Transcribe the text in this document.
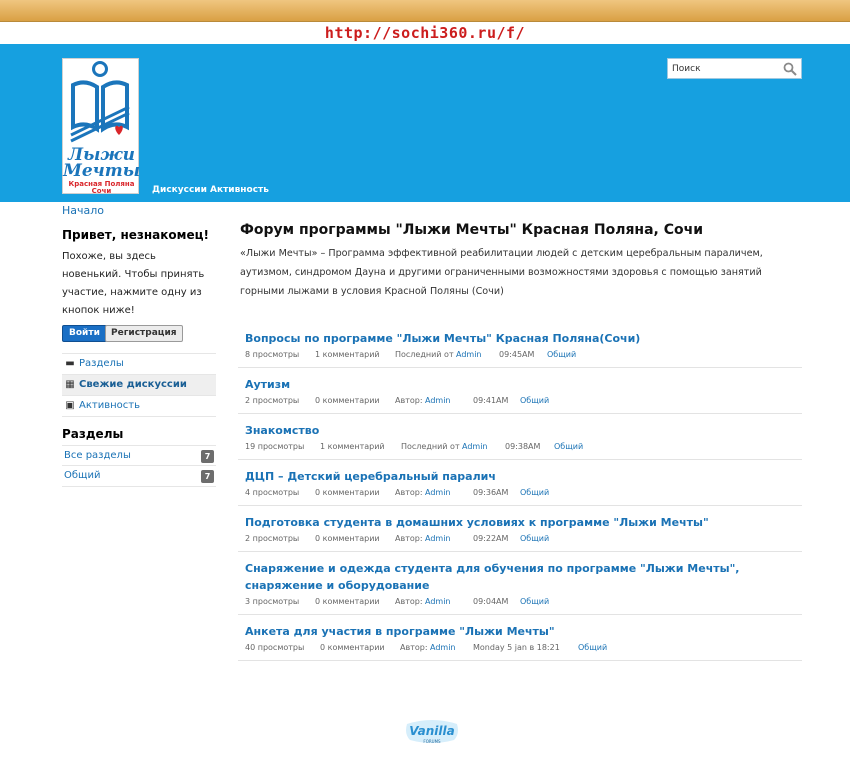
http://sochi360.ru/f/
Лыжи
Мечты
Красная Поляна
Сочи	Дискуссии Активность
Поиск
Начало
Привет, незнакомец!
Похоже, вы здесь новенький. Чтобы принять участие, нажмите одну из кнопок ниже!
Войти	Регистрация
▬ Разделы
▦ Свежие дискуссии
▣ Активность
Разделы
Все разделы	7
Общий	7
Форум программы "Лыжи Мечты" Красная Поляна, Сочи
«Лыжи Мечты» – Программа эффективной реабилитации людей с детским церебральным параличем, аутизмом, синдромом Дауна и другими ограниченными возможностями здоровья с помощью занятий горными лыжами в условия Красной Поляны (Сочи)
Вопросы по программе "Лыжи Мечты" Красная Поляна(Сочи)
8 просмотры 1 комментарий Последний от Admin 09:45AM Общий
Аутизм
2 просмотры 0 комментарии Автор: Admin	09:41AM Общий
Знакомство
19 просмотры 1 комментарий Последний от Admin 09:38AM Общий
ДЦП – Детский церебральный паралич
4 просмотры 0 комментарии Автор: Admin	09:36AM Общий
Подготовка студента в домашних условиях к программе "Лыжи Мечты"
2 просмотры 0 комментарии Автор: Admin	09:22AM Общий
Снаряжение и одежда студента для обучения по программе "Лыжи Мечты", снаряжение и оборудование
3 просмотры 0 комментарии Автор: Admin	09:04AM Общий
Анкета для участия в программе "Лыжи Мечты"
40 просмотры 0 комментарии Автор: Admin Monday 5 jan в 18:21 Общий
Vanilla
FORUMS
